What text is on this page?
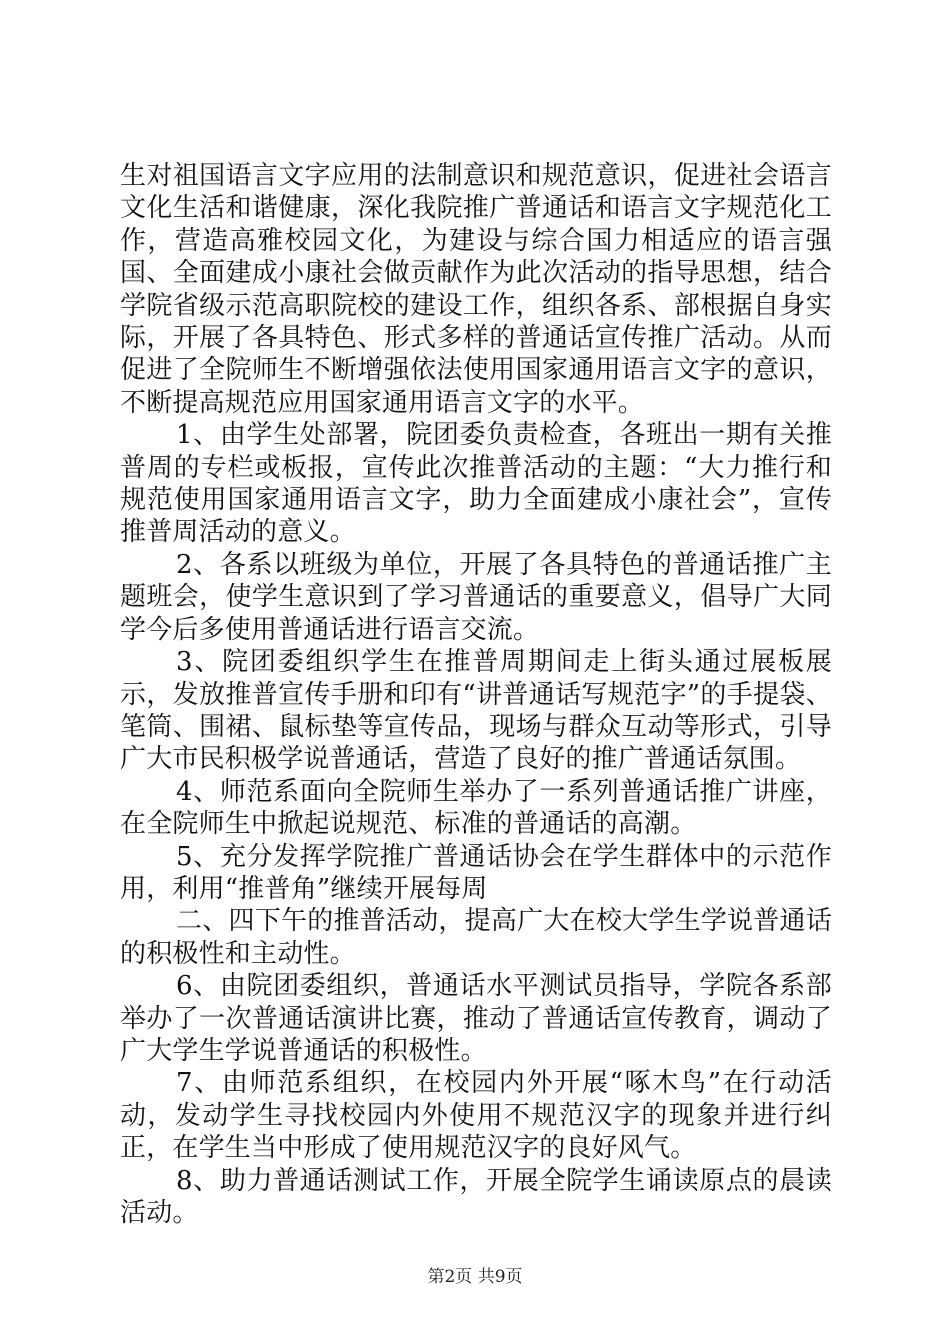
生对祖国语言文字应用的法制意识和规范意识，促进社会语言文化生活和谐健康，深化我院推广普通话和语言文字规范化工作，营造高雅校园文化，为建设与综合国力相适应的语言强国、全面建成小康社会做贡献作为此次活动的指导思想，结合学院省级示范高职院校的建设工作，组织各系、部根据自身实际，开展了各具特色、形式多样的普通话宣传推广活动。从而促进了全院师生不断增强依法使用国家通用语言文字的意识，不断提高规范应用国家通用语言文字的水平。

1、由学生处部署，院团委负责检查，各班出一期有关推普周的专栏或板报，宣传此次推普活动的主题：“大力推行和规范使用国家通用语言文字，助力全面建成小康社会”，宣传推普周活动的意义。

2、各系以班级为单位，开展了各具特色的普通话推广主题班会，使学生意识到了学习普通话的重要意义，倡导广大同学今后多使用普通话进行语言交流。

3、院团委组织学生在推普周期间走上街头通过展板展示，发放推普宣传手册和印有“讲普通话写规范字”的手提袋、笔筒、围裙、鼠标垫等宣传品，现场与群众互动等形式，引导广大市民积极学说普通话，营造了良好的推广普通话氛围。

4、师范系面向全院师生举办了一系列普通话推广讲座，在全院师生中掀起说规范、标准的普通话的高潮。

5、充分发挥学院推广普通话协会在学生群体中的示范作用，利用“推普角”继续开展每周

二、四下午的推普活动，提高广大在校大学生学说普通话的积极性和主动性。

6、由院团委组织，普通话水平测试员指导，学院各系部举办了一次普通话演讲比赛，推动了普通话宣传教育，调动了广大学生学说普通话的积极性。

7、由师范系组织，在校园内外开展“啄木鸟”在行动活动，发动学生寻找校园内外使用不规范汉字的现象并进行纠正，在学生当中形成了使用规范汉字的良好风气。

8、助力普通话测试工作，开展全院学生诵读原点的晨读活动。

第2页 共9页
